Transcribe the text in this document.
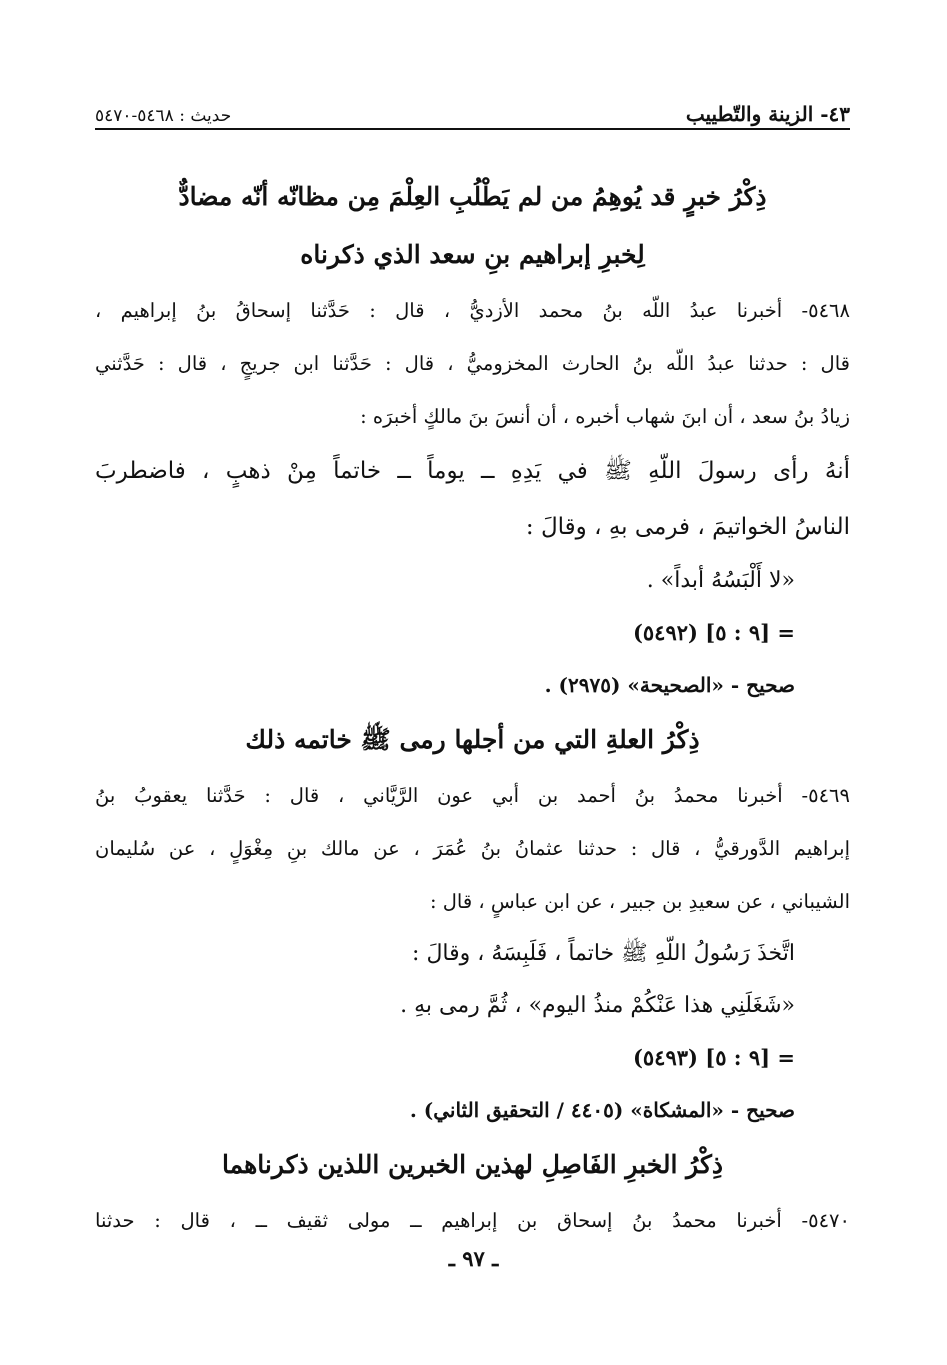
٤٣- الزينة والتّطييب
حديث : ٥٤٦٨-٥٤٧٠

ذِكْرُ خبرٍ قد يُوهِمُ من لم يَطْلُبِ العِلْمَ مِن مظانّه أنّه مضادٌّ

لِخبرِ إبراهيم بنِ سعد الذي ذكرناه

٥٤٦٨- أخبرنا عبدُ اللّه بنُ محمد الأزديُّ ، قال : حَدَّثنا إسحاقُ بنُ إبراهيم ،

قال : حدثنا عبدُ اللّه بنُ الحارث المخزوميُّ ، قال : حَدَّثنا ابن جريجٍ ، قال : حَدَّثني

زيادُ بنُ سعد ، أن ابنَ شهاب أخبره ، أن أنسَ بنَ مالكٍ أخبرَه :

أنهُ رأى رسولَ اللّهِ ﷺ في يَدِهِ ــ يوماً ــ خاتماً مِنْ ذهبٍ ، فاضطربَ

الناسُ الخواتيمَ ، فرمى بهِ ، وقالَ :

«لا أَلْبَسُهُ أبداً» .

= [٩ : ٥] (٥٤٩٢)

صحيح - «الصحيحة» (٢٩٧٥) .

ذِكْرُ العلةِ التي من أجلها رمى ﷺ خاتمه ذلك

٥٤٦٩- أخبرنا محمدُ بنُ أحمد بن أبي عون الرَّيَّاني ، قال : حَدَّثنا يعقوبُ بنُ

إبراهيم الدَّورقيُّ ، قال : حدثنا عثمانُ بنُ عُمَرَ ، عن مالك بنِ مِغْوَلٍ ، عن سُليمان

الشيباني ، عن سعيدِ بن جبير ، عن ابن عباسٍ ، قال :

اتَّخذَ رَسُولُ اللّهِ ﷺ خاتماً ، فَلَبِسَهُ ، وقالَ :

«شَغَلَنِي هذا عَنْكُمْ منذُ اليوم» ، ثُمَّ رمى بهِ .

= [٩ : ٥] (٥٤٩٣)

صحيح - «المشكاة» (٤٤٠٥ / التحقيق الثاني) .

ذِكْرُ الخبرِ الفَاصِلِ لهذين الخبرين اللذين ذكرناهما

٥٤٧٠- أخبرنا محمدُ بنُ إسحاق بن إبراهيم ــ مولى ثقيف ــ ، قال : حدثنا

ـ ٩٧ ـ
